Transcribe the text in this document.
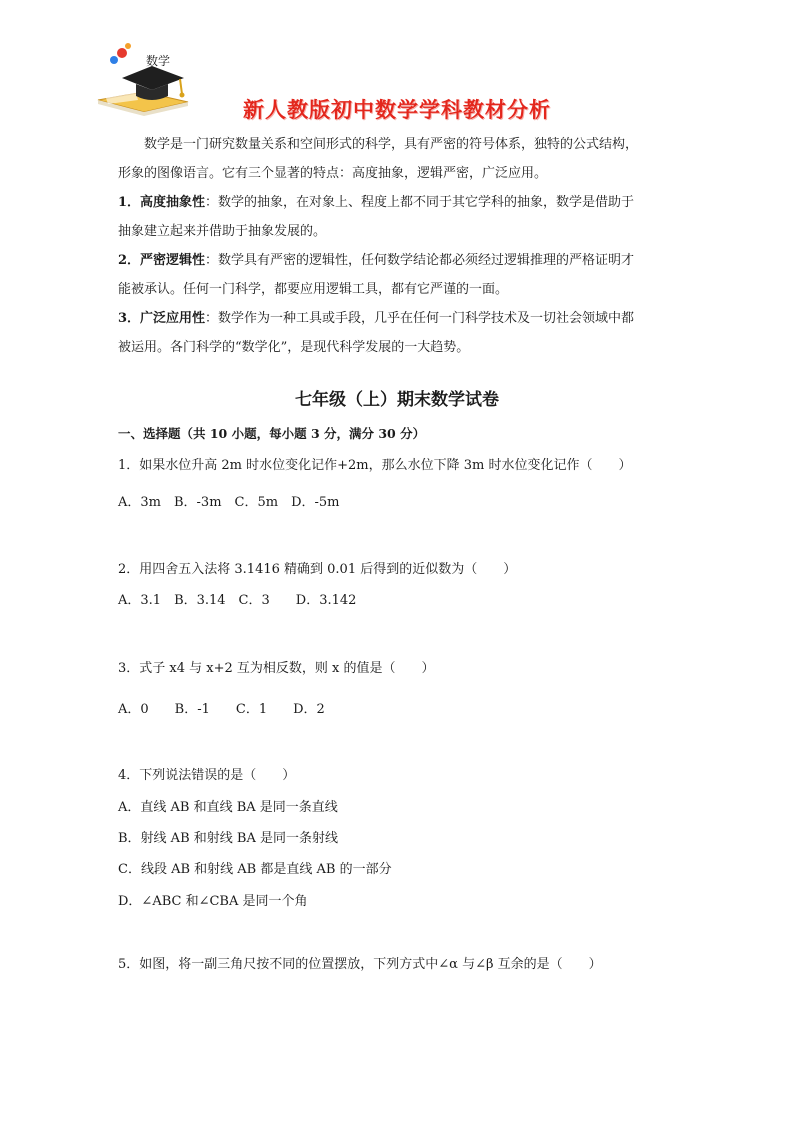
数学
新人教版初中数学学科教材分析

数学是一门研究数量关系和空间形式的科学，具有严密的符号体系，独特的公式结构，

形象的图像语言。它有三个显著的特点：高度抽象，逻辑严密，广泛应用。

1．高度抽象性：数学的抽象，在对象上、程度上都不同于其它学科的抽象，数学是借助于

抽象建立起来并借助于抽象发展的。

2．严密逻辑性：数学具有严密的逻辑性，任何数学结论都必须经过逻辑推理的严格证明才

能被承认。任何一门科学，都要应用逻辑工具，都有它严谨的一面。

3．广泛应用性：数学作为一种工具或手段，几乎在任何一门科学技术及一切社会领域中都

被运用。各门科学的“数学化”，是现代科学发展的一大趋势。

七年级（上）期末数学试卷
一、选择题（共 10 小题，每小题 3 分，满分 30 分）
1．如果水位升高 2m 时水位变化记作+2m，那么水位下降 3m 时水位变化记作（　　）
A．3m　B．-3m　C．5m　D．-5m
2．用四舍五入法将 3.1416 精确到 0.01 后得到的近似数为（　　）
A．3.1　B．3.14　C．3　　D．3.142
3．式子 x4 与 x+2 互为相反数，则 x 的值是（　　）
A．0　　B．-1　　C．1　　D．2
4．下列说法错误的是（　　）
A．直线 AB 和直线 BA 是同一条直线
B．射线 AB 和射线 BA 是同一条射线
C．线段 AB 和射线 AB 都是直线 AB 的一部分
D．∠ABC 和∠CBA 是同一个角
5．如图，将一副三角尺按不同的位置摆放，下列方式中∠α 与∠β 互余的是（　　）
